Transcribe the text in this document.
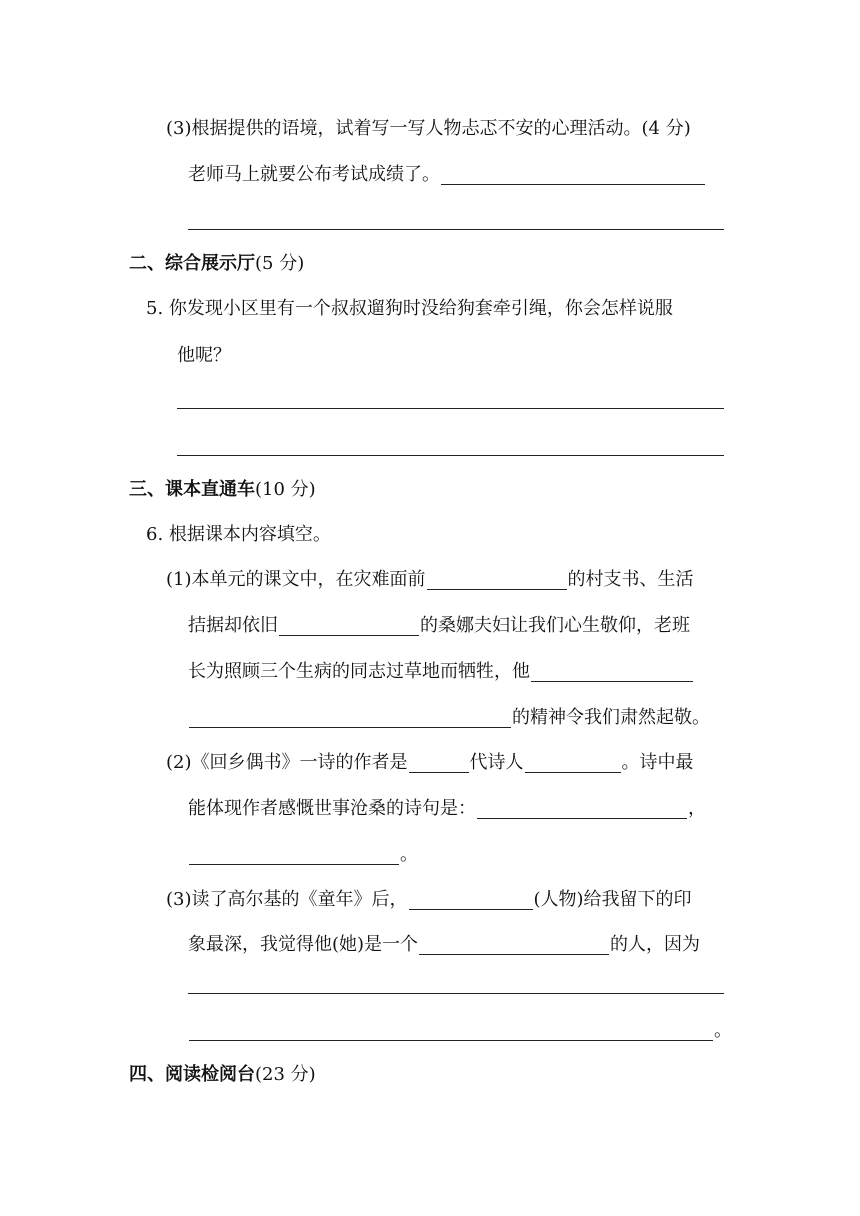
(3)根据提供的语境，试着写一写人物忐忑不安的心理活动。(4 分)
老师马上就要公布考试成绩了。
二、综合展示厅 (5 分)
5. 你发现小区里有一个叔叔遛狗时没给狗套牵引绳，你会怎样说服
他呢？
三、课本直通车 (10 分)
6. 根据课本内容填空。
(1)本单元的课文中，在灾难面前	的村支书、生活
拮据却依旧	的桑娜夫妇让我们心生敬仰，老班
长为照顾三个生病的同志过草地而牺牲，他
的精神令我们肃然起敬。
(2)《回乡偶书》一诗的作者是	代诗人	。诗中最
能体现作者感慨世事沧桑的诗句是：	，
。
(3)读了高尔基的《童年》后，	(人物)给我留下的印
象最深，我觉得他(她)是一个	的人，因为
。
四、阅读检阅台 (23 分)
